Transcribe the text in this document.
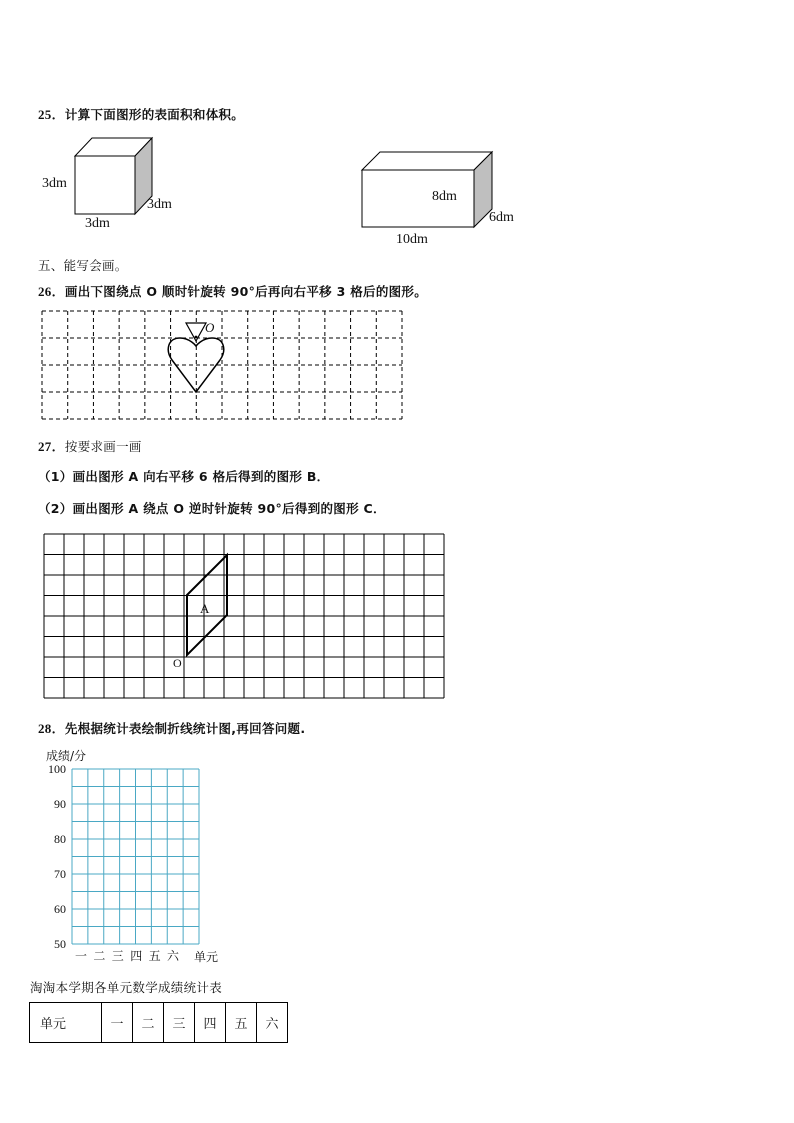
25．计算下面图形的表面积和体积。
3dm
3dm
3dm
8dm
6dm
10dm
五、能写会画。
26．画出下图绕点 O 顺时针旋转 90°后再向右平移 3 格后的图形。
O
27．按要求画一画
（1）画出图形 A 向右平移 6 格后得到的图形 B．
（2）画出图形 A 绕点 O 逆时针旋转 90°后得到的图形 C．
A
O
28．先根据统计表绘制折线统计图,再回答问题.
成绩/分
100
90
80
70
60
50
一 二 三 四 五 六 单元
淘淘本学期各单元数学成绩统计表
单元	一	二	三	四	五	六
